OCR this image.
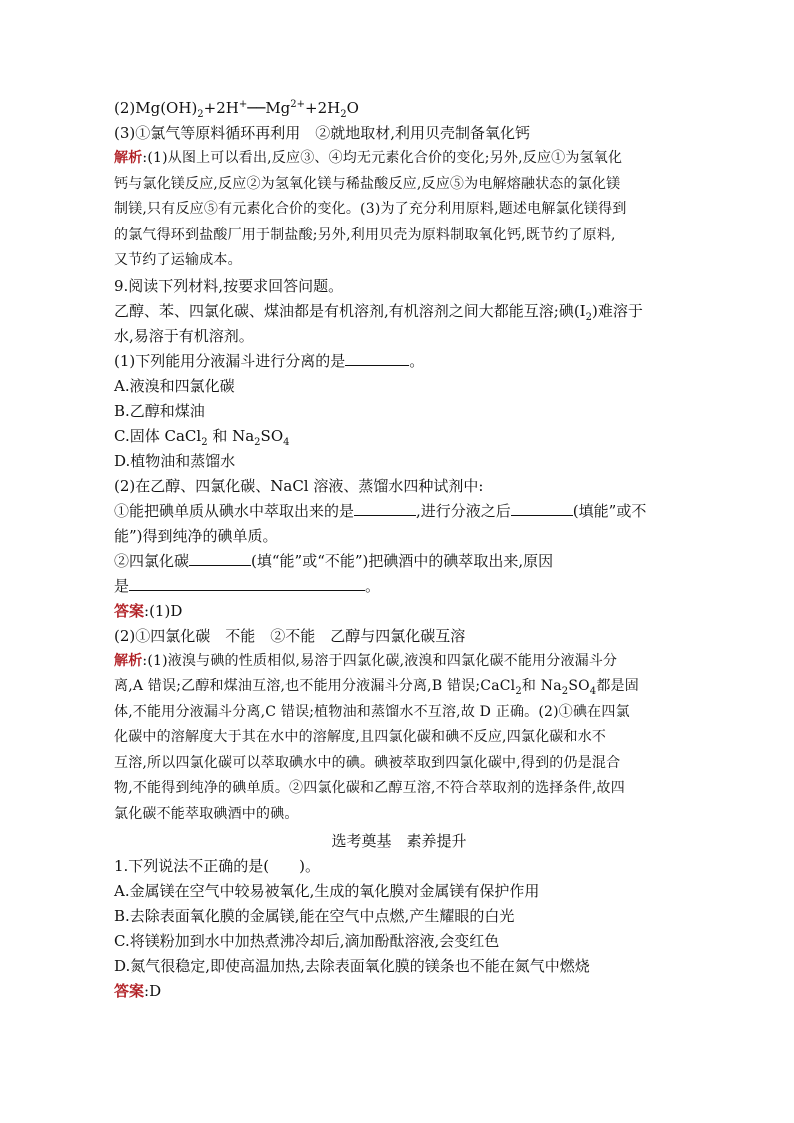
$(2)Mg(OH)_2+2H^+──Mg^{2+}+2H_2O$
(3)①氯气等原料循环再利用　②就地取材,利用贝壳制备氧化钙
解析:(1)从图上可以看出,反应③、④均无元素化合价的变化;另外,反应①为氢氧化
钙与氯化镁反应,反应②为氢氧化镁与稀盐酸反应,反应⑤为电解熔融状态的氯化镁
制镁,只有反应⑤有元素化合价的变化。(3)为了充分利用原料,题述电解氯化镁得到
的氯气得环到盐酸厂用于制盐酸;另外,利用贝壳为原料制取氧化钙,既节约了原料,
又节约了运输成本。
9.阅读下列材料,按要求回答问题。
乙醇、苯、四氯化碳、煤油都是有机溶剂,有机溶剂之间大都能互溶;碘$(I_2)$难溶于
水,易溶于有机溶剂。
(1)下列能用分液漏斗进行分离的是	。
A.液溴和四氯化碳
B.乙醇和煤油
C.固体 CaCl$_2$ 和 $Na_2SO_4$
D.植物油和蒸馏水
(2)在乙醇、四氯化碳、NaCl 溶液、蒸馏水四种试剂中:
①能把碘单质从碘水中萃取出来的是	,进行分液之后	(填能”或不
能”)得到纯净的碘单质。
②四氯化碳	(填“能”或“不能”)把碘酒中的碘萃取出来,原因
是	。
答案:(1)D
(2)①四氯化碳　不能　②不能　乙醇与四氯化碳互溶
解析:(1)液溴与碘的性质相似,易溶于四氯化碳,液溴和四氯化碳不能用分液漏斗分
离,A 错误;乙醇和煤油互溶,也不能用分液漏斗分离,B 错误;CaCl$_2$和 $Na_2SO_4$都是固
体,不能用分液漏斗分离,C 错误;植物油和蒸馏水不互溶,故 D 正确。(2)①碘在四氯
化碳中的溶解度大于其在水中的溶解度,且四氯化碳和碘不反应,四氯化碳和水不
互溶,所以四氯化碳可以萃取碘水中的碘。碘被萃取到四氯化碳中,得到的仍是混合
物,不能得到纯净的碘单质。②四氯化碳和乙醇互溶,不符合萃取剂的选择条件,故四
氯化碳不能萃取碘酒中的碘。
选考奠基　素养提升
1.下列说法不正确的是(　　)。
A.金属镁在空气中较易被氧化,生成的氧化膜对金属镁有保护作用
B.去除表面氧化膜的金属镁,能在空气中点燃,产生耀眼的白光
C.将镁粉加到水中加热煮沸冷却后,滴加酚酞溶液,会变红色
D.氮气很稳定,即使高温加热,去除表面氧化膜的镁条也不能在氮气中燃烧
答案:D
